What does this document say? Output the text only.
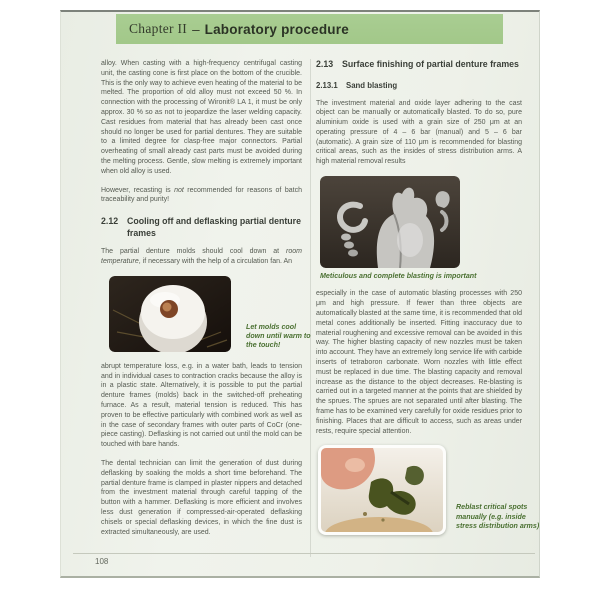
Chapter II – Laboratory procedure

alloy. When casting with a high-frequency centrifugal casting unit, the casting cone is first place on the bottom of the crucible. This is the only way to achieve even heating of the material to be melted. The proportion of old alloy must not exceed 50 %. In connection with the processing of Wironit® LA 1, it must be only approx. 30 % so as not to jeopardize the laser welding capacity. Cast residues from material that has already been cast once should no longer be used for partial dentures. They are suitable to a limited degree for clasp-free major connectors. Partial overheating of small already cast parts must be avoided during the melting process. Gentle, slow melting is extremely important when old alloy is used.

However, recasting is not recommended for reasons of batch traceability and purity!

2.12	Cooling off and deflasking partial denture frames

The partial denture molds should cool down at room temperature, if necessary with the help of a circulation fan. An

Let molds cool down until warm to the touch!

abrupt temperature loss, e.g. in a water bath, leads to tension and in individual cases to contraction cracks because the alloy is in a plastic state. Alternatively, it is possible to put the partial denture frames (molds) back in the switched-off preheating furnace. As a result, material tension is reduced. This has proven to be effective particularly with combined work as well as in the case of secondary frames with outer parts of CoCr (one-piece casting). Deflasking is not carried out until the mold can be touched with bare hands.

The dental technician can limit the generation of dust during deflasking by soaking the molds a short time beforehand. The partial denture frame is clamped in plaster nippers and detached from the investment material through careful tapping of the button with a hammer. Deflasking is more efficient and involves less dust generation if compressed-air-operated deflasking chisels or special deflasking devices, in which the fine dust is extracted simultaneously, are used.

2.13	Surface finishing of partial denture frames
2.13.1	Sand blasting

The investment material and oxide layer adhering to the cast object can be manually or automatically blasted. To do so, pure aluminium oxide is used with a grain size of 250 μm at an operating pressure of 4 – 6 bar (manual) and 5 – 6 bar (automatic). A grain size of 110 μm is recommended for blasting critical areas, such as the insides of stress distribution arms. A high material removal results

Meticulous and complete blasting is important

especially in the case of automatic blasting processes with 250 μm and high pressure. If fewer than three objects are automatically blasted at the same time, it is recommended that old metal cones additionally be inserted. Fitting inaccuracy due to material roughening and excessive removal can be avoided in this way. The higher blasting capacity of new nozzles must be taken into account. They have an extremely long service life with carbide inserts of tetraboron carbonate. Worn nozzles with little effect must be replaced in due time. The blasting capacity and removal increase as the distance to the object decreases. Re-blasting is carried out in a targeted manner at the points that are shielded by the sprues. The sprues are not separated until after blasting. The frame has to be examined very carefully for oxide residues prior to finishing. Places that are difficult to access, such as areas under rests, require special attention.

Reblast critical spots manually (e.g. inside stress distribution arms)
108
